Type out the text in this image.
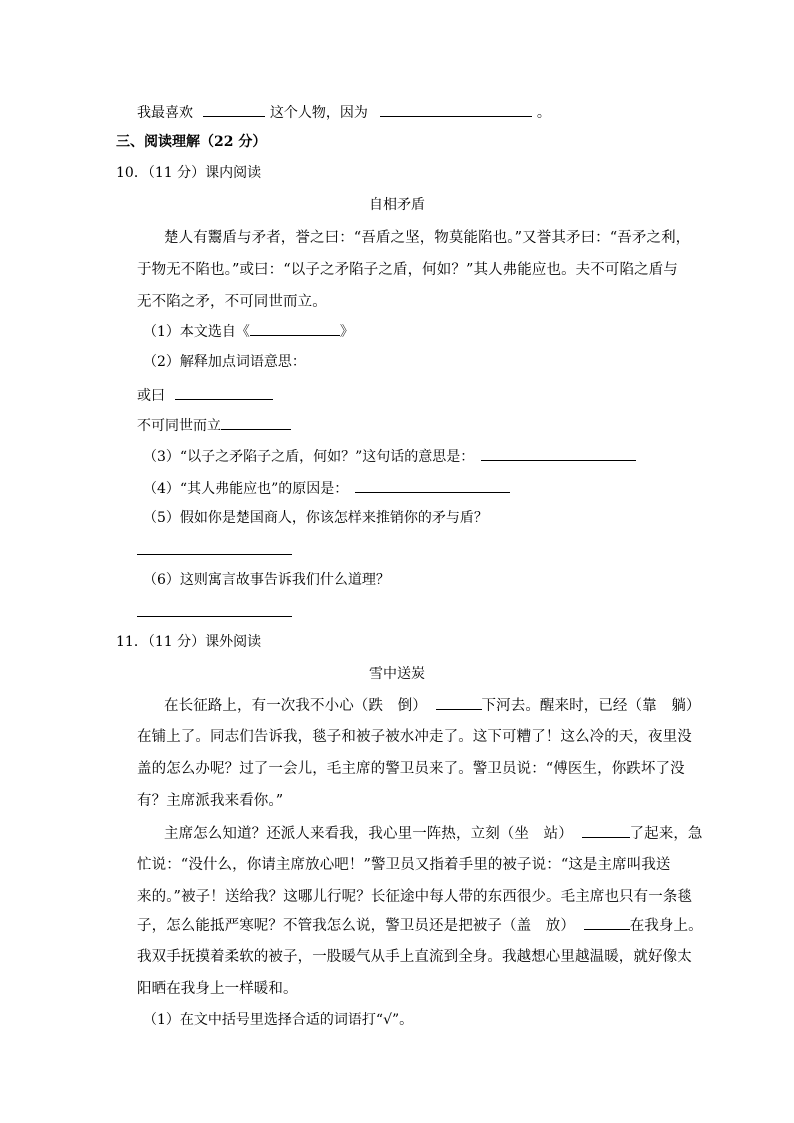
我最喜欢	这个人物，因为	。
三、阅读理解（22 分）
10．（11 分）课内阅读
自相矛盾
楚人有鬻盾与矛者，誉之曰：“吾盾之坚，物莫能陷也。”又誉其矛曰：“吾矛之利，
于物无不陷也。”或曰：“以子之矛陷子之盾，何如？”其人弗能应也。夫不可陷之盾与
无不陷之矛，不可同世而立。
（1）本文选自《	》
（2）解释加点词语意思：
或曰
不可同世而立
（3）“以子之矛陷子之盾，何如？”这句话的意思是：
（4）“其人弗能应也”的原因是：
（5）假如你是楚国商人，你该怎样来推销你的矛与盾？
（6）这则寓言故事告诉我们什么道理？
11．（11 分）课外阅读
雪中送炭
在长征路上，有一次我不小心（跌　倒）	下河去。醒来时，已经（靠　躺）
在铺上了。同志们告诉我，毯子和被子被水冲走了。这下可糟了！这么冷的天，夜里没
盖的怎么办呢？过了一会儿，毛主席的警卫员来了。警卫员说：“傅医生，你跌坏了没
有？主席派我来看你。”
主席怎么知道？还派人来看我，我心里一阵热，立刻（坐　站）	了起来，急
忙说：“没什么，你请主席放心吧！”警卫员又指着手里的被子说：“这是主席叫我送
来的。”被子！送给我？这哪儿行呢？长征途中每人带的东西很少。毛主席也只有一条毯
子，怎么能抵严寒呢？不管我怎么说，警卫员还是把被子（盖　放）	在我身上。
我双手抚摸着柔软的被子，一股暖气从手上直流到全身。我越想心里越温暖，就好像太
阳晒在我身上一样暖和。
（1）在文中括号里选择合适的词语打“√”。
